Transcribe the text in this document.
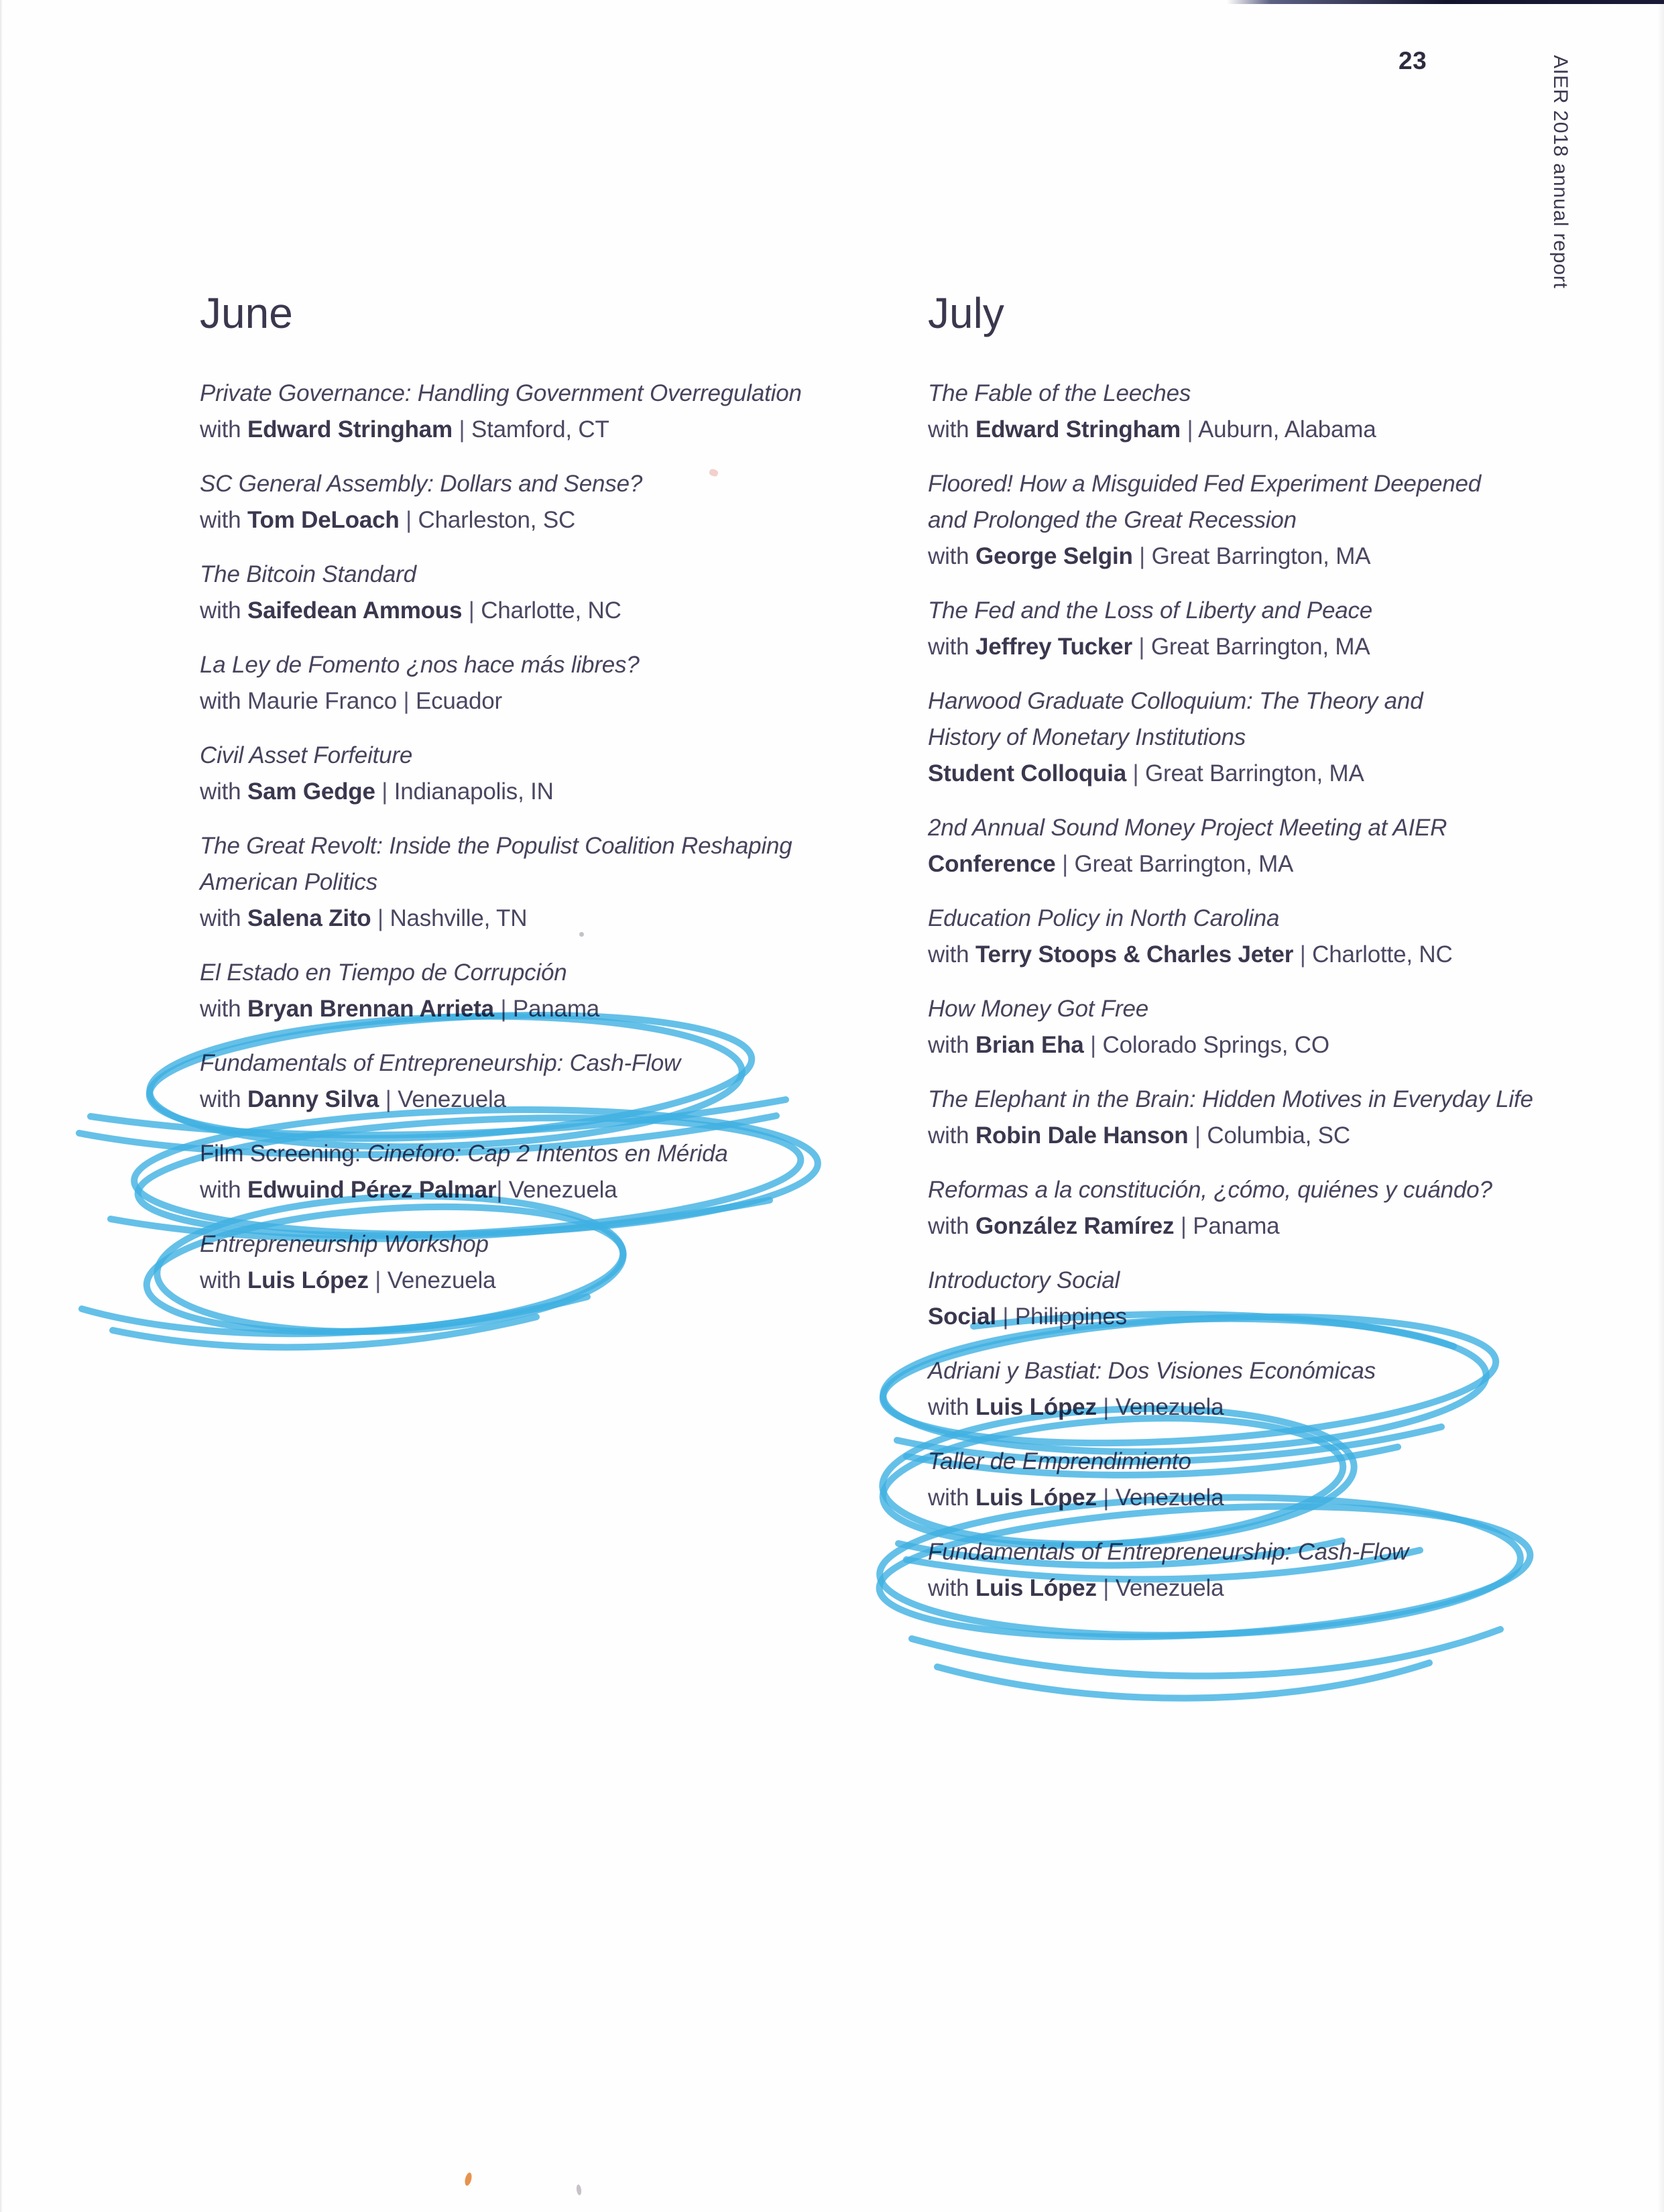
23	AIER 2018 annual report
June
Private Governance: Handling Government Overregulation
with Edward Stringham | Stamford, CT
SC General Assembly: Dollars and Sense?
with Tom DeLoach | Charleston, SC
The Bitcoin Standard
with Saifedean Ammous | Charlotte, NC
La Ley de Fomento ¿nos hace más libres?
with Maurie Franco | Ecuador
Civil Asset Forfeiture
with Sam Gedge | Indianapolis, IN
The Great Revolt: Inside the Populist Coalition Reshaping
American Politics
with Salena Zito | Nashville, TN
El Estado en Tiempo de Corrupción
with Bryan Brennan Arrieta | Panama
Fundamentals of Entrepreneurship: Cash-Flow
with Danny Silva | Venezuela
Film Screening: Cineforo: Cap 2 Intentos en Mérida
with Edwuind Pérez Palmar| Venezuela
Entrepreneurship Workshop
with Luis López | Venezuela
July
The Fable of the Leeches
with Edward Stringham | Auburn, Alabama
Floored! How a Misguided Fed Experiment Deepened
and Prolonged the Great Recession
with George Selgin | Great Barrington, MA
The Fed and the Loss of Liberty and Peace
with Jeffrey Tucker | Great Barrington, MA
Harwood Graduate Colloquium: The Theory and
History of Monetary Institutions
Student Colloquia | Great Barrington, MA
2nd Annual Sound Money Project Meeting at AIER
Conference | Great Barrington, MA
Education Policy in North Carolina
with Terry Stoops & Charles Jeter | Charlotte, NC
How Money Got Free
with Brian Eha | Colorado Springs, CO
The Elephant in the Brain: Hidden Motives in Everyday Life
with Robin Dale Hanson | Columbia, SC
Reformas a la constitución, ¿cómo, quiénes y cuándo?
with González Ramírez | Panama
Introductory Social
Social | Philippines
Adriani y Bastiat: Dos Visiones Económicas
with Luis López | Venezuela
Taller de Emprendimiento
with Luis López | Venezuela
Fundamentals of Entrepreneurship: Cash-Flow
with Luis López | Venezuela
